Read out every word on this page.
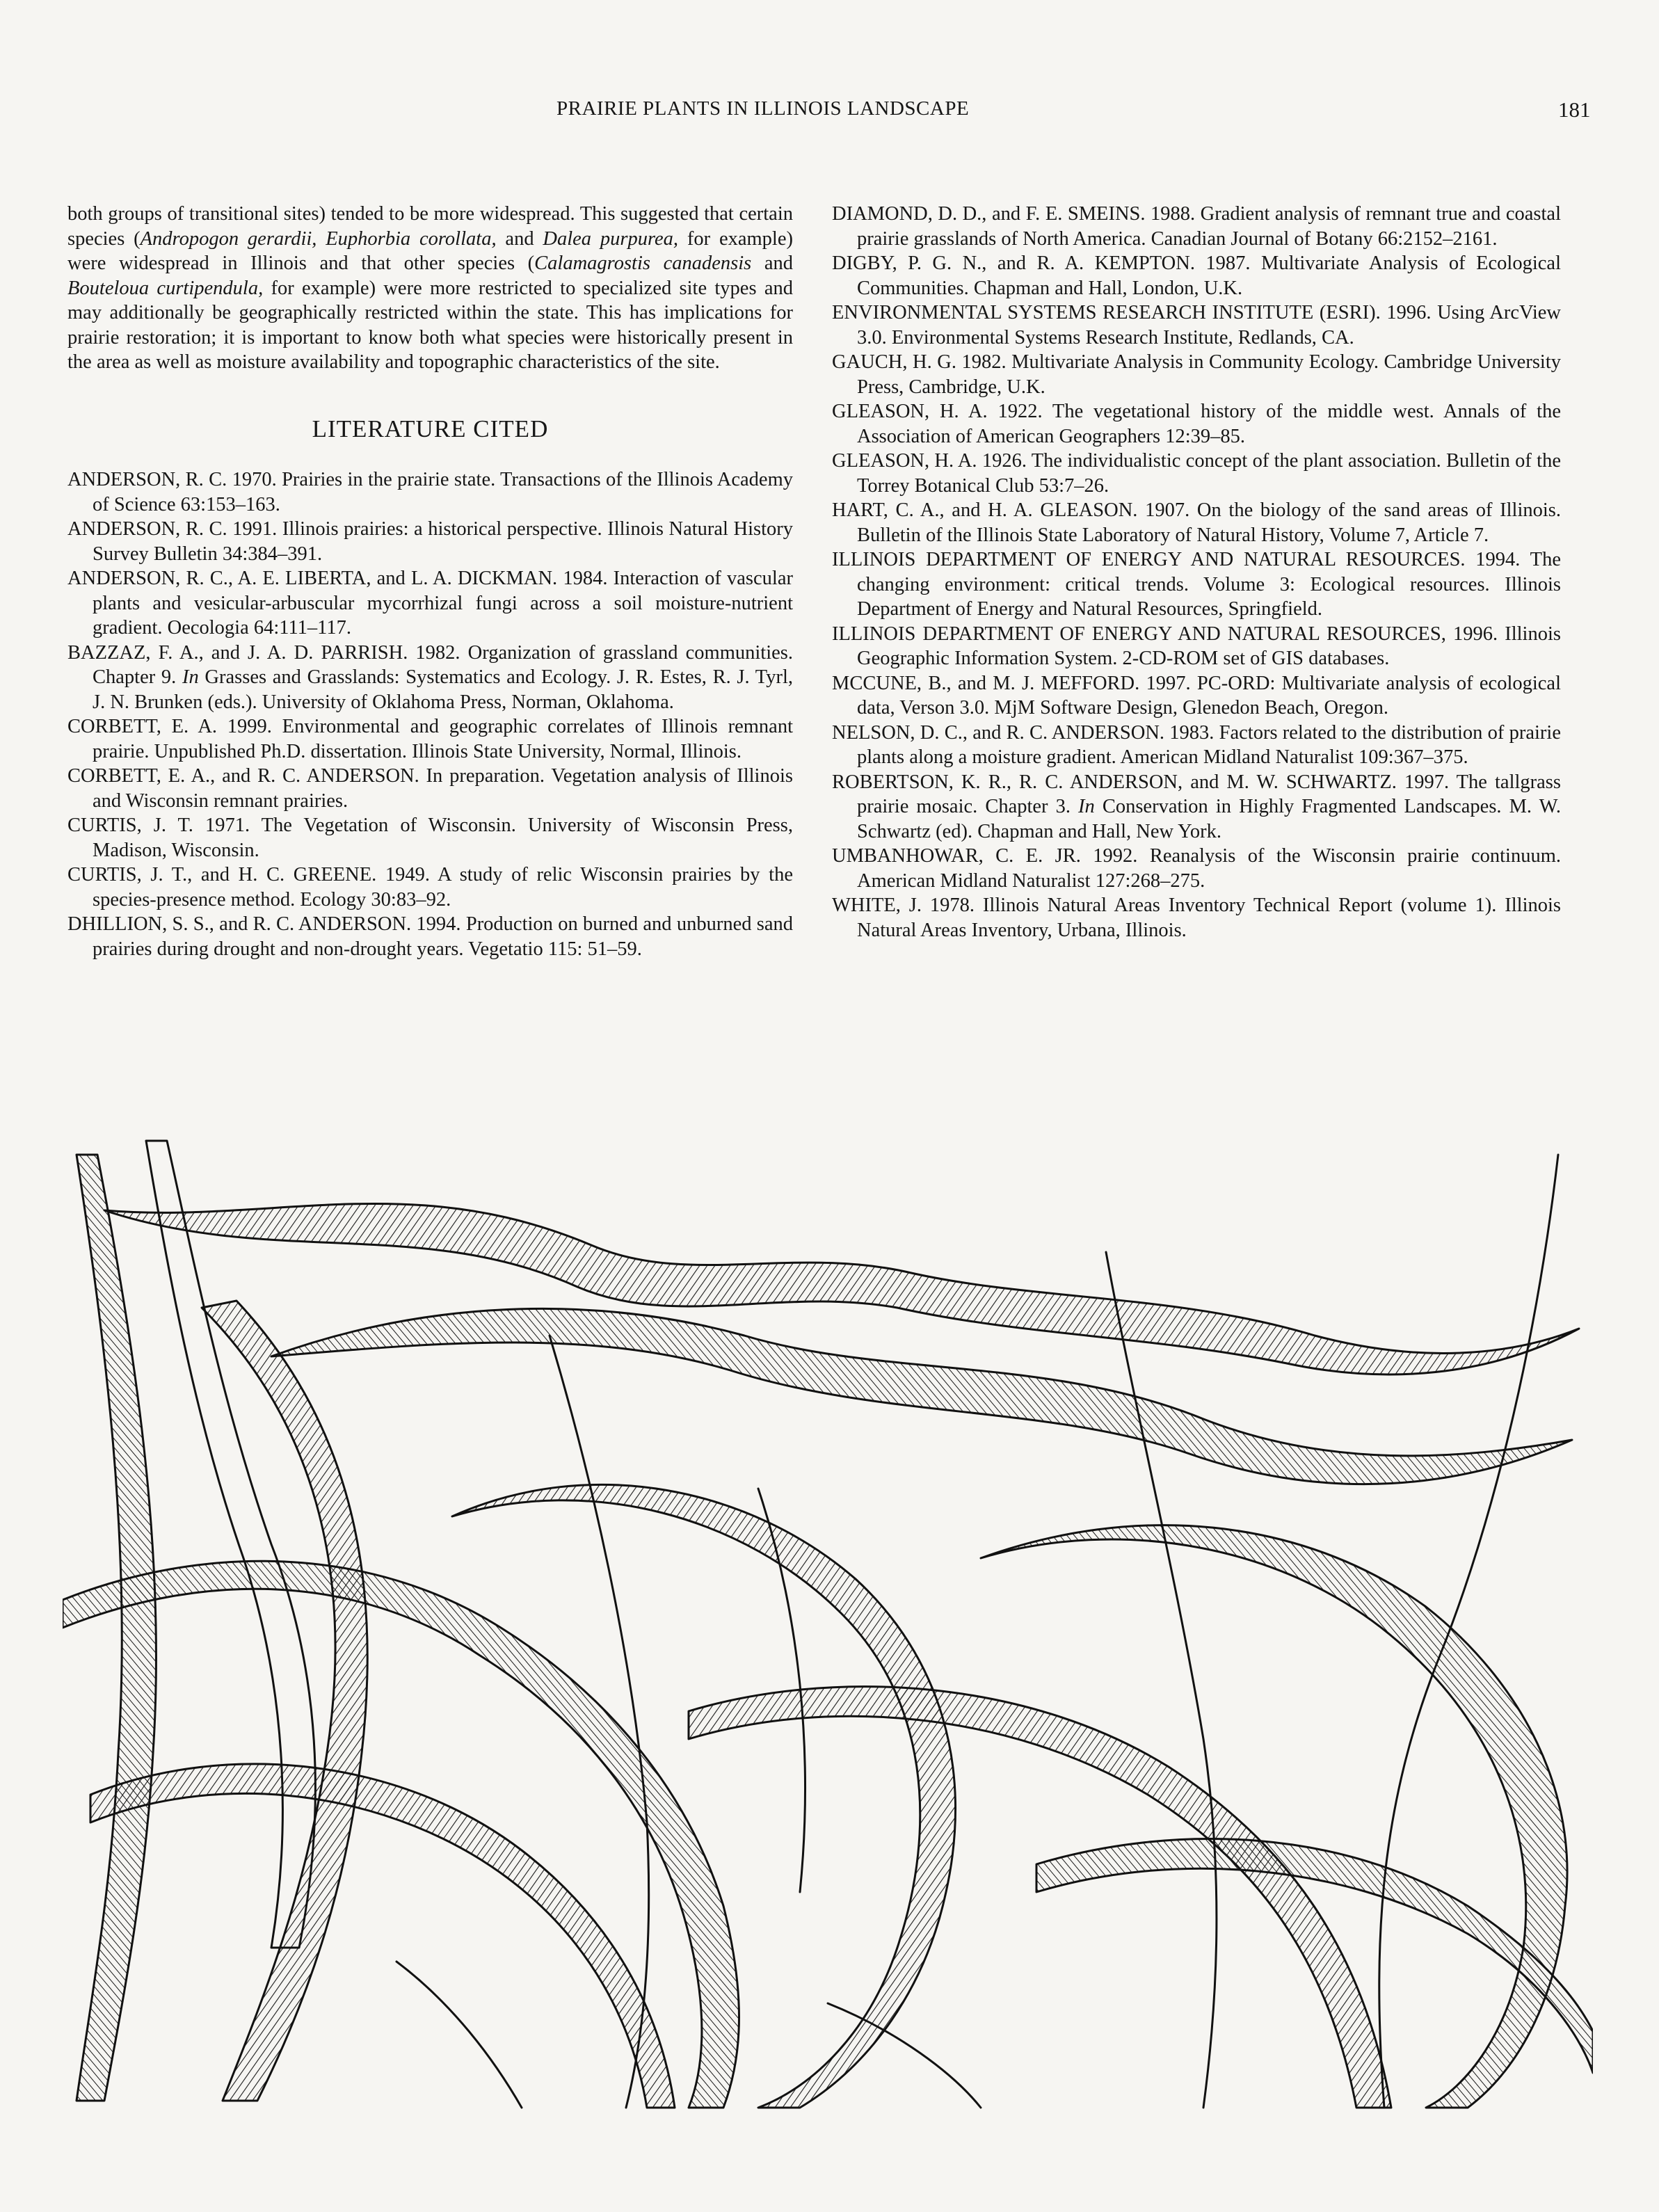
PRAIRIE PLANTS IN ILLINOIS LANDSCAPE	181

both groups of transitional sites) tended to be more widespread. This suggested that certain species (Andropogon gerardii, Euphorbia corollata, and Dalea purpurea, for example) were widespread in Illinois and that other species (Calamagrostis canadensis and Bouteloua curtipendula, for example) were more restricted to specialized site types and may additionally be geographically restricted within the state. This has implications for prairie restoration; it is important to know both what species were historically present in the area as well as moisture availability and topographic characteristics of the site.

LITERATURE CITED

ANDERSON, R. C. 1970. Prairies in the prairie state. Transactions of the Illinois Academy of Science 63:153–163.

ANDERSON, R. C. 1991. Illinois prairies: a historical perspective. Illinois Natural History Survey Bulletin 34:384–391.

ANDERSON, R. C., A. E. LIBERTA, and L. A. DICKMAN. 1984. Interaction of vascular plants and vesicular-arbuscular mycorrhizal fungi across a soil moisture-nutrient gradient. Oecologia 64:111–117.

BAZZAZ, F. A., and J. A. D. PARRISH. 1982. Organization of grassland communities. Chapter 9. In Grasses and Grasslands: Systematics and Ecology. J. R. Estes, R. J. Tyrl, J. N. Brunken (eds.). University of Oklahoma Press, Norman, Oklahoma.

CORBETT, E. A. 1999. Environmental and geographic correlates of Illinois remnant prairie. Unpublished Ph.D. dissertation. Illinois State University, Normal, Illinois.

CORBETT, E. A., and R. C. ANDERSON. In preparation. Vegetation analysis of Illinois and Wisconsin remnant prairies.

CURTIS, J. T. 1971. The Vegetation of Wisconsin. University of Wisconsin Press, Madison, Wisconsin.

CURTIS, J. T., and H. C. GREENE. 1949. A study of relic Wisconsin prairies by the species-presence method. Ecology 30:83–92.

DHILLION, S. S., and R. C. ANDERSON. 1994. Production on burned and unburned sand prairies during drought and non-drought years. Vegetatio 115: 51–59.

DIAMOND, D. D., and F. E. SMEINS. 1988. Gradient analysis of remnant true and coastal prairie grasslands of North America. Canadian Journal of Botany 66:2152–2161.

DIGBY, P. G. N., and R. A. KEMPTON. 1987. Multivariate Analysis of Ecological Communities. Chapman and Hall, London, U.K.

ENVIRONMENTAL SYSTEMS RESEARCH INSTITUTE (ESRI). 1996. Using ArcView 3.0. Environmental Systems Research Institute, Redlands, CA.

GAUCH, H. G. 1982. Multivariate Analysis in Community Ecology. Cambridge University Press, Cambridge, U.K.

GLEASON, H. A. 1922. The vegetational history of the middle west. Annals of the Association of American Geographers 12:39–85.

GLEASON, H. A. 1926. The individualistic concept of the plant association. Bulletin of the Torrey Botanical Club 53:7–26.

HART, C. A., and H. A. GLEASON. 1907. On the biology of the sand areas of Illinois. Bulletin of the Illinois State Laboratory of Natural History, Volume 7, Article 7.

ILLINOIS DEPARTMENT OF ENERGY AND NATURAL RESOURCES. 1994. The changing environment: critical trends. Volume 3: Ecological resources. Illinois Department of Energy and Natural Resources, Springfield.

ILLINOIS DEPARTMENT OF ENERGY AND NATURAL RESOURCES, 1996. Illinois Geographic Information System. 2-CD-ROM set of GIS databases.

MCCUNE, B., and M. J. MEFFORD. 1997. PC-ORD: Multivariate analysis of ecological data, Verson 3.0. MjM Software Design, Glenedon Beach, Oregon.

NELSON, D. C., and R. C. ANDERSON. 1983. Factors related to the distribution of prairie plants along a moisture gradient. American Midland Naturalist 109:367–375.

ROBERTSON, K. R., R. C. ANDERSON, and M. W. SCHWARTZ. 1997. The tallgrass prairie mosaic. Chapter 3. In Conservation in Highly Fragmented Landscapes. M. W. Schwartz (ed). Chapman and Hall, New York.

UMBANHOWAR, C. E. JR. 1992. Reanalysis of the Wisconsin prairie continuum. American Midland Naturalist 127:268–275.

WHITE, J. 1978. Illinois Natural Areas Inventory Technical Report (volume 1). Illinois Natural Areas Inventory, Urbana, Illinois.
